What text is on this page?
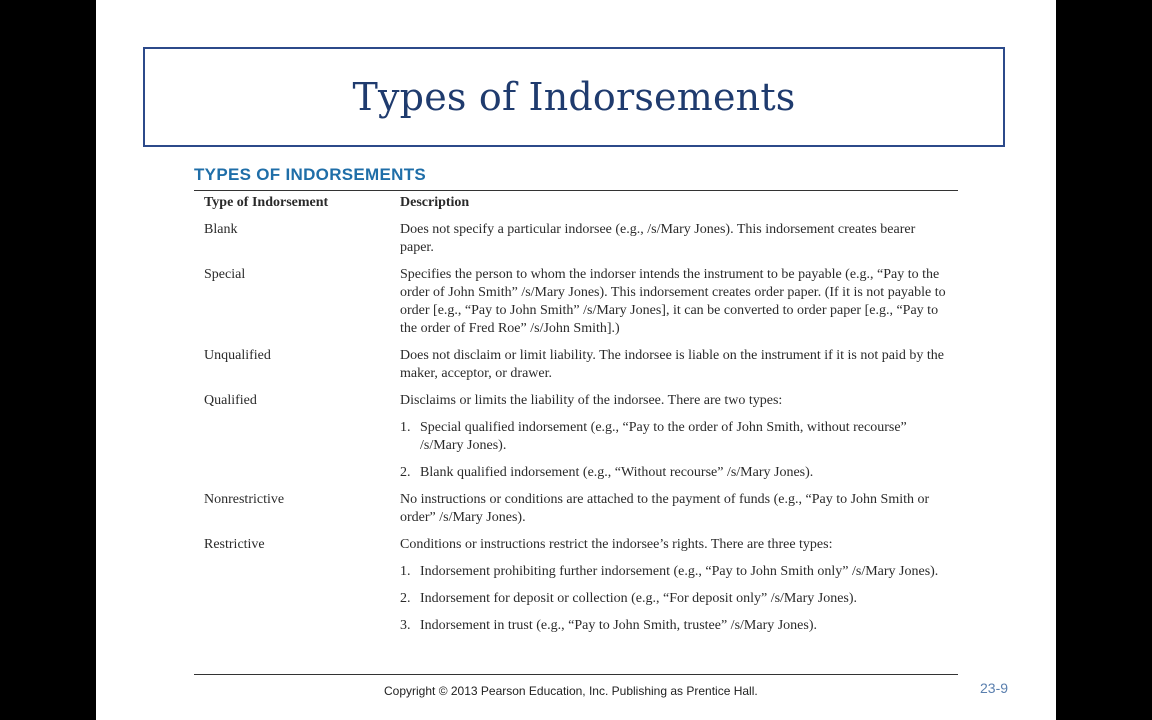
Types of Indorsements
TYPES OF INDORSEMENTS
Type of Indorsement	Description
Blank	Does not specify a particular indorsee (e.g., /s/Mary Jones). This indorsement creates bearer paper.
Special	Specifies the person to whom the indorser intends the instrument to be payable (e.g., “Pay to the order of John Smith” /s/Mary Jones). This indorsement creates order paper. (If it is not payable to order [e.g., “Pay to John Smith” /s/Mary Jones], it can be converted to order paper [e.g., “Pay to the order of Fred Roe” /s/John Smith].)
Unqualified	Does not disclaim or limit liability. The indorsee is liable on the instrument if it is not paid by the maker, acceptor, or drawer.
Qualified	Disclaims or limits the liability of the indorsee. There are two types:
1. Special qualified indorsement (e.g., “Pay to the order of John Smith, without recourse” /s/Mary Jones).
2. Blank qualified indorsement (e.g., “Without recourse” /s/Mary Jones).
Nonrestrictive	No instructions or conditions are attached to the payment of funds (e.g., “Pay to John Smith or order” /s/Mary Jones).
Restrictive	Conditions or instructions restrict the indorsee’s rights. There are three types:
1. Indorsement prohibiting further indorsement (e.g., “Pay to John Smith only” /s/Mary Jones).
2. Indorsement for deposit or collection (e.g., “For deposit only” /s/Mary Jones).
3. Indorsement in trust (e.g., “Pay to John Smith, trustee” /s/Mary Jones).
Copyright © 2013 Pearson Education, Inc. Publishing as Prentice Hall.	23-9
